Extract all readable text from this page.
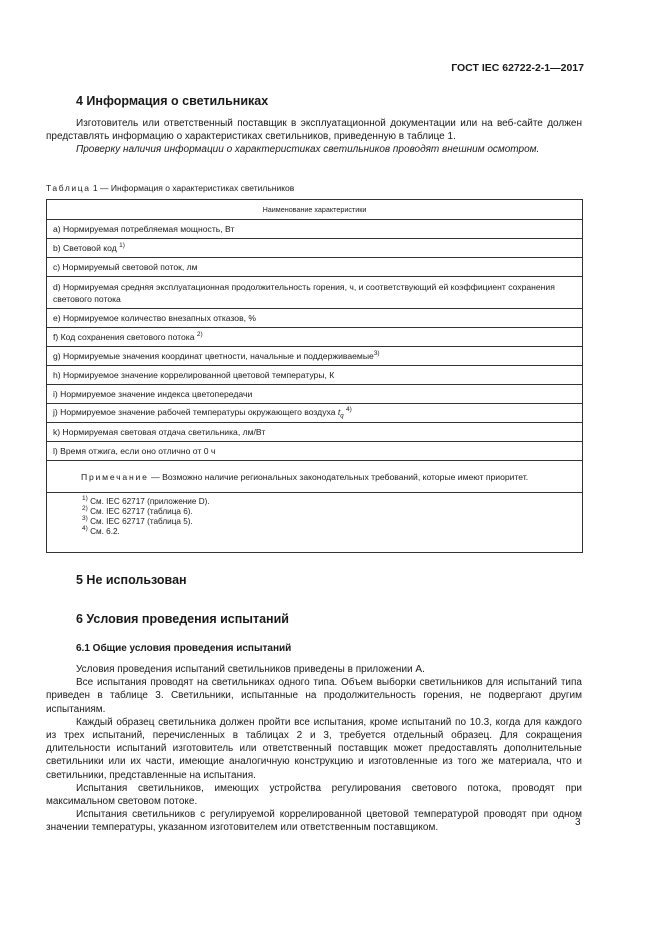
ГОСТ IEC 62722-2-1—2017
4 Информация о светильниках

Изготовитель или ответственный поставщик в эксплуатационной документации или на веб-сайте должен представлять информацию о характеристиках светильников, приведенную в таблице 1.

Проверку наличия информации о характеристиках светильников проводят внешним осмотром.

Таблица 1 — Информация о характеристиках светильников
Наименование характеристики
a) Нормируемая потребляемая мощность, Вт
b) Световой код $^{1)}$
c) Нормируемый световой поток, лм
d) Нормируемая средняя эксплуатационная продолжительность горения, ч, и соответствующий ей коэффициент сохранения светового потока
e) Нормируемое количество внезапных отказов, %
f) Код сохранения светового потока $^{2)}$
g) Нормируемые значения координат цветности, начальные и поддерживаемые$^{3)}$
h) Нормируемое значение коррелированной цветовой температуры, К
i) Нормируемое значение индекса цветопередачи
j) Нормируемое значение рабочей температуры окружающего воздуха $t_q$ $^{4)}$
k) Нормируемая световая отдача светильника, лм/Вт
l) Время отжига, если оно отлично от 0 ч
Примечание — Возможно наличие региональных законодательных требований, которые имеют приоритет.

$^{1)}$ См. IEC 62717 (приложение D).
$^{2)}$ См. IEC 62717 (таблица 6).
$^{3)}$ См. IEC 62717 (таблица 5).
$^{4)}$ См. 6.2.
5 Не использован
6 Условия проведения испытаний
6.1 Общие условия проведения испытаний

Условия проведения испытаний светильников приведены в приложении А.

Все испытания проводят на светильниках одного типа. Объем выборки светильников для испытаний типа приведен в таблице 3. Светильники, испытанные на продолжительность горения, не подвергают другим испытаниям.

Каждый образец светильника должен пройти все испытания, кроме испытаний по 10.3, когда для каждого из трех испытаний, перечисленных в таблицах 2 и 3, требуется отдельный образец. Для сокращения длительности испытаний изготовитель или ответственный поставщик может предоставлять дополнительные светильники или их части, имеющие аналогичную конструкцию и изготовленные из того же материала, что и светильники, представленные на испытания.

Испытания светильников, имеющих устройства регулирования светового потока, проводят при максимальном световом потоке.

Испытания светильников с регулируемой коррелированной цветовой температурой проводят при одном значении температуры, указанном изготовителем или ответственным поставщиком.	3
